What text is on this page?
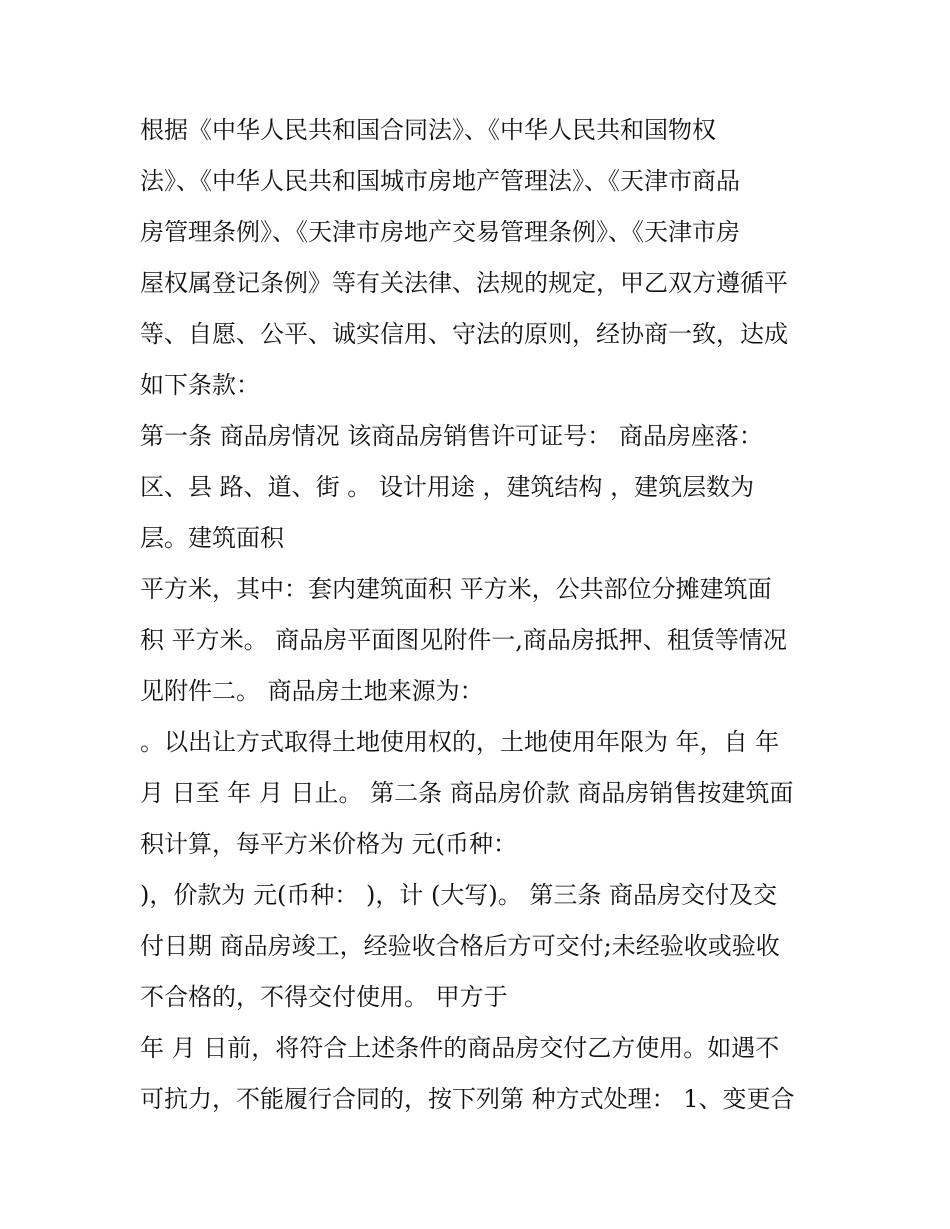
根据《中华人民共和国合同法》、《中华人民共和国物权
法》、《中华人民共和国城市房地产管理法》、《天津市商品
房管理条例》、《天津市房地产交易管理条例》、《天津市房
屋权属登记条例》等有关法律、法规的规定，甲乙双方遵循平
等、自愿、公平、诚实信用、守法的原则，经协商一致，达成
如下条款：
第一条 商品房情况 该商品房销售许可证号： 商品房座落：
区、县 路、道、街 。 设计用途 ，建筑结构 ，建筑层数为
层。建筑面积
平方米，其中：套内建筑面积 平方米，公共部位分摊建筑面
积 平方米。 商品房平面图见附件一,商品房抵押、租赁等情况
见附件二。 商品房土地来源为：
。以出让方式取得土地使用权的，土地使用年限为 年，自 年
月 日至 年 月 日止。 第二条 商品房价款 商品房销售按建筑面
积计算，每平方米价格为 元(币种：
)，价款为 元(币种： )，计 (大写)。 第三条 商品房交付及交
付日期 商品房竣工，经验收合格后方可交付;未经验收或验收
不合格的，不得交付使用。 甲方于
年 月 日前，将符合上述条件的商品房交付乙方使用。如遇不
可抗力，不能履行合同的，按下列第 种方式处理： 1、变更合
